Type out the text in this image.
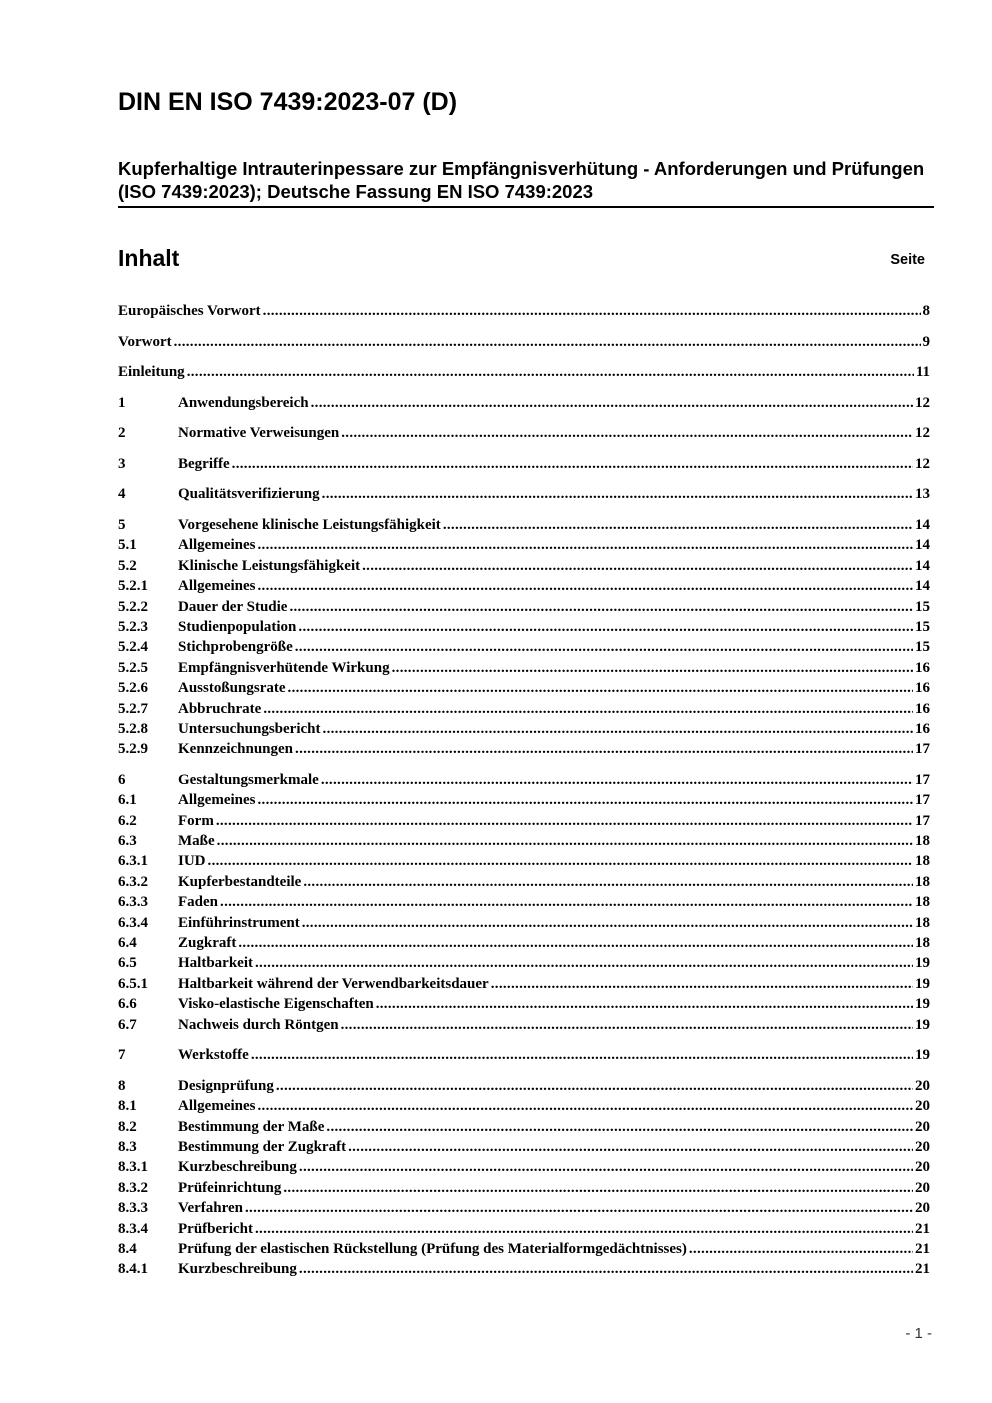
DIN EN ISO 7439:2023-07 (D)
Kupferhaltige Intrauterinpessare zur Empfängnisverhütung - Anforderungen und Prüfungen (ISO 7439:2023); Deutsche Fassung EN ISO 7439:2023
Inhalt	Seite
Europäisches Vorwort .....	8
Vorwort .....	9
Einleitung .....	11
1	Anwendungsbereich .....	12
2	Normative Verweisungen .....	12
3	Begriffe .....	12
4	Qualitätsverifizierung .....	13
5	Vorgesehene klinische Leistungsfähigkeit .....	14
5.1	Allgemeines .....	14
5.2	Klinische Leistungsfähigkeit .....	14
5.2.1	Allgemeines .....	14
5.2.2	Dauer der Studie .....	15
5.2.3	Studienpopulation .....	15
5.2.4	Stichprobengröße .....	15
5.2.5	Empfängnisverhütende Wirkung .....	16
5.2.6	Ausstoßungsrate .....	16
5.2.7	Abbruchrate .....	16
5.2.8	Untersuchungsbericht .....	16
5.2.9	Kennzeichnungen .....	17
6	Gestaltungsmerkmale .....	17
6.1	Allgemeines .....	17
6.2	Form .....	17
6.3	Maße .....	18
6.3.1	IUD .....	18
6.3.2	Kupferbestandteile .....	18
6.3.3	Faden .....	18
6.3.4	Einführinstrument .....	18
6.4	Zugkraft .....	18
6.5	Haltbarkeit .....	19
6.5.1	Haltbarkeit während der Verwendbarkeitsdauer .....	19
6.6	Visko-elastische Eigenschaften .....	19
6.7	Nachweis durch Röntgen .....	19
7	Werkstoffe .....	19
8	Designprüfung .....	20
8.1	Allgemeines .....	20
8.2	Bestimmung der Maße .....	20
8.3	Bestimmung der Zugkraft .....	20
8.3.1	Kurzbeschreibung .....	20
8.3.2	Prüfeinrichtung .....	20
8.3.3	Verfahren .....	20
8.3.4	Prüfbericht .....	21
8.4	Prüfung der elastischen Rückstellung (Prüfung des Materialformgedächtnisses) .....	21
8.4.1	Kurzbeschreibung .....	21
- 1 -
